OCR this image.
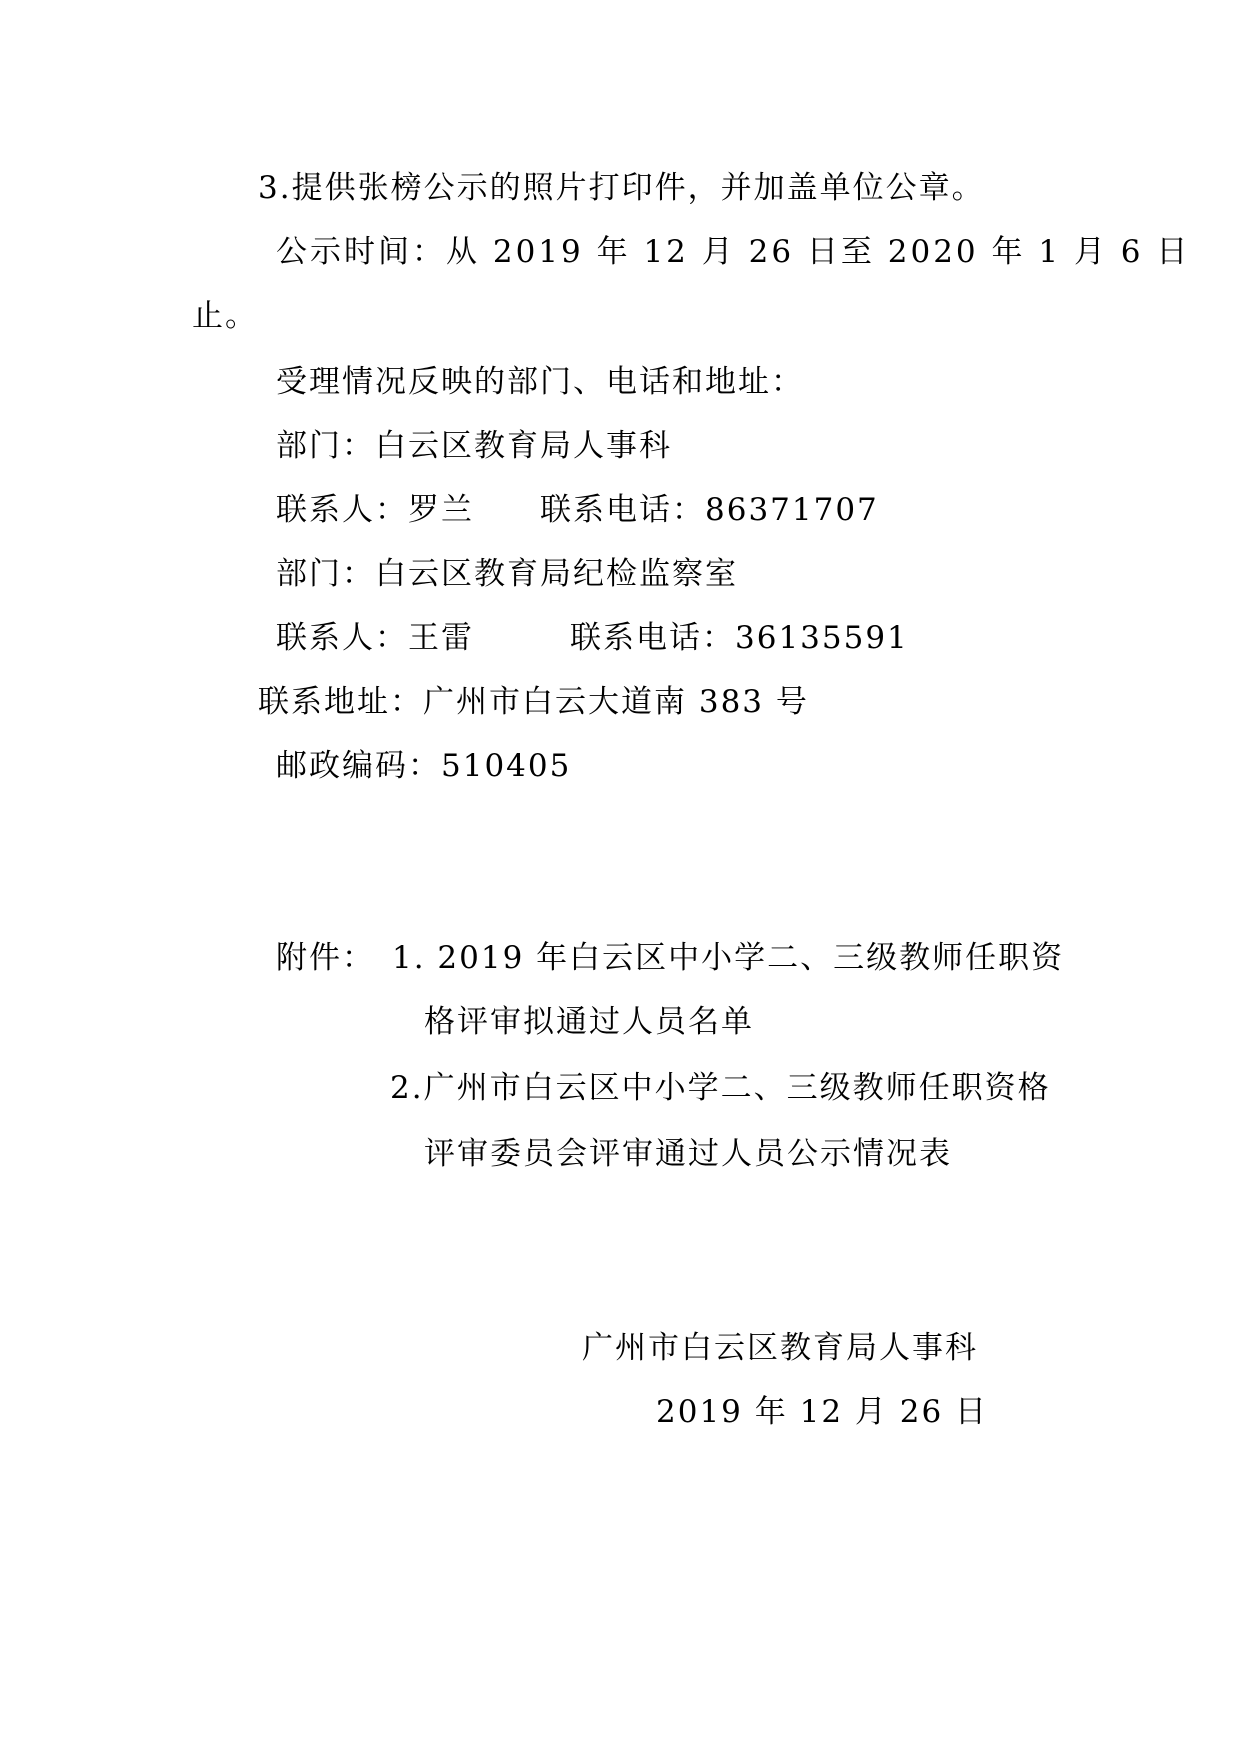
3.提供张榜公示的照片打印件，并加盖单位公章。
公示时间：从 2019 年 12 月 26 日至 2020 年 1 月 6 日
止。
受理情况反映的部门、电话和地址：
部门：白云区教育局人事科
联系人：罗兰 联系电话：86371707
部门：白云区教育局纪检监察室
联系人：王雷	联系电话：36135591
联系地址：广州市白云大道南 383 号
邮政编码：510405
附件： 1. 2019 年白云区中小学二、三级教师任职资
格评审拟通过人员名单
2.广州市白云区中小学二、三级教师任职资格
评审委员会评审通过人员公示情况表
广州市白云区教育局人事科
2019 年 12 月 26 日
